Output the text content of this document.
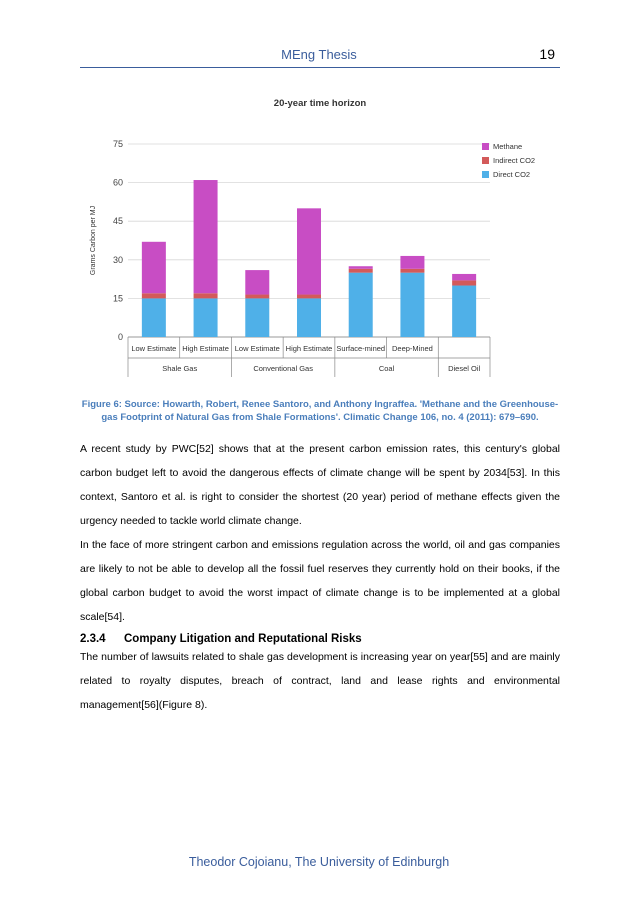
MEng Thesis	19
20-year time horizon
Grams Carbon per MJ
0
15
30
45
60
75
Low Estimate High Estimate Low Estimate High Estimate Surface-mined Deep-Mined
Shale Gas	Conventional Gas	Coal	Diesel Oil
Methane
Indirect CO2
Direct CO2
Figure 6: Source: Howarth, Robert, Renee Santoro, and Anthony Ingraffea. 'Methane and the Greenhouse-gas Footprint of Natural Gas from Shale Formations'. Climatic Change 106, no. 4 (2011): 679–690.

A recent study by PWC[52] shows that at the present carbon emission rates, this century's global carbon budget left to avoid the dangerous effects of climate change will be spent by 2034[53]. In this context, Santoro et al. is right to consider the shortest (20 year) period of methane effects given the urgency needed to tackle world climate change.

In the face of more stringent carbon and emissions regulation across the world, oil and gas companies are likely to not be able to develop all the fossil fuel reserves they currently hold on their books, if the global carbon budget to avoid the worst impact of climate change is to be implemented at a global scale[54].

2.3.4 Company Litigation and Reputational Risks

The number of lawsuits related to shale gas development is increasing year on year[55] and are mainly related to royalty disputes, breach of contract, land and lease rights and environmental management[56](Figure 8).

Theodor Cojoianu, The University of Edinburgh
